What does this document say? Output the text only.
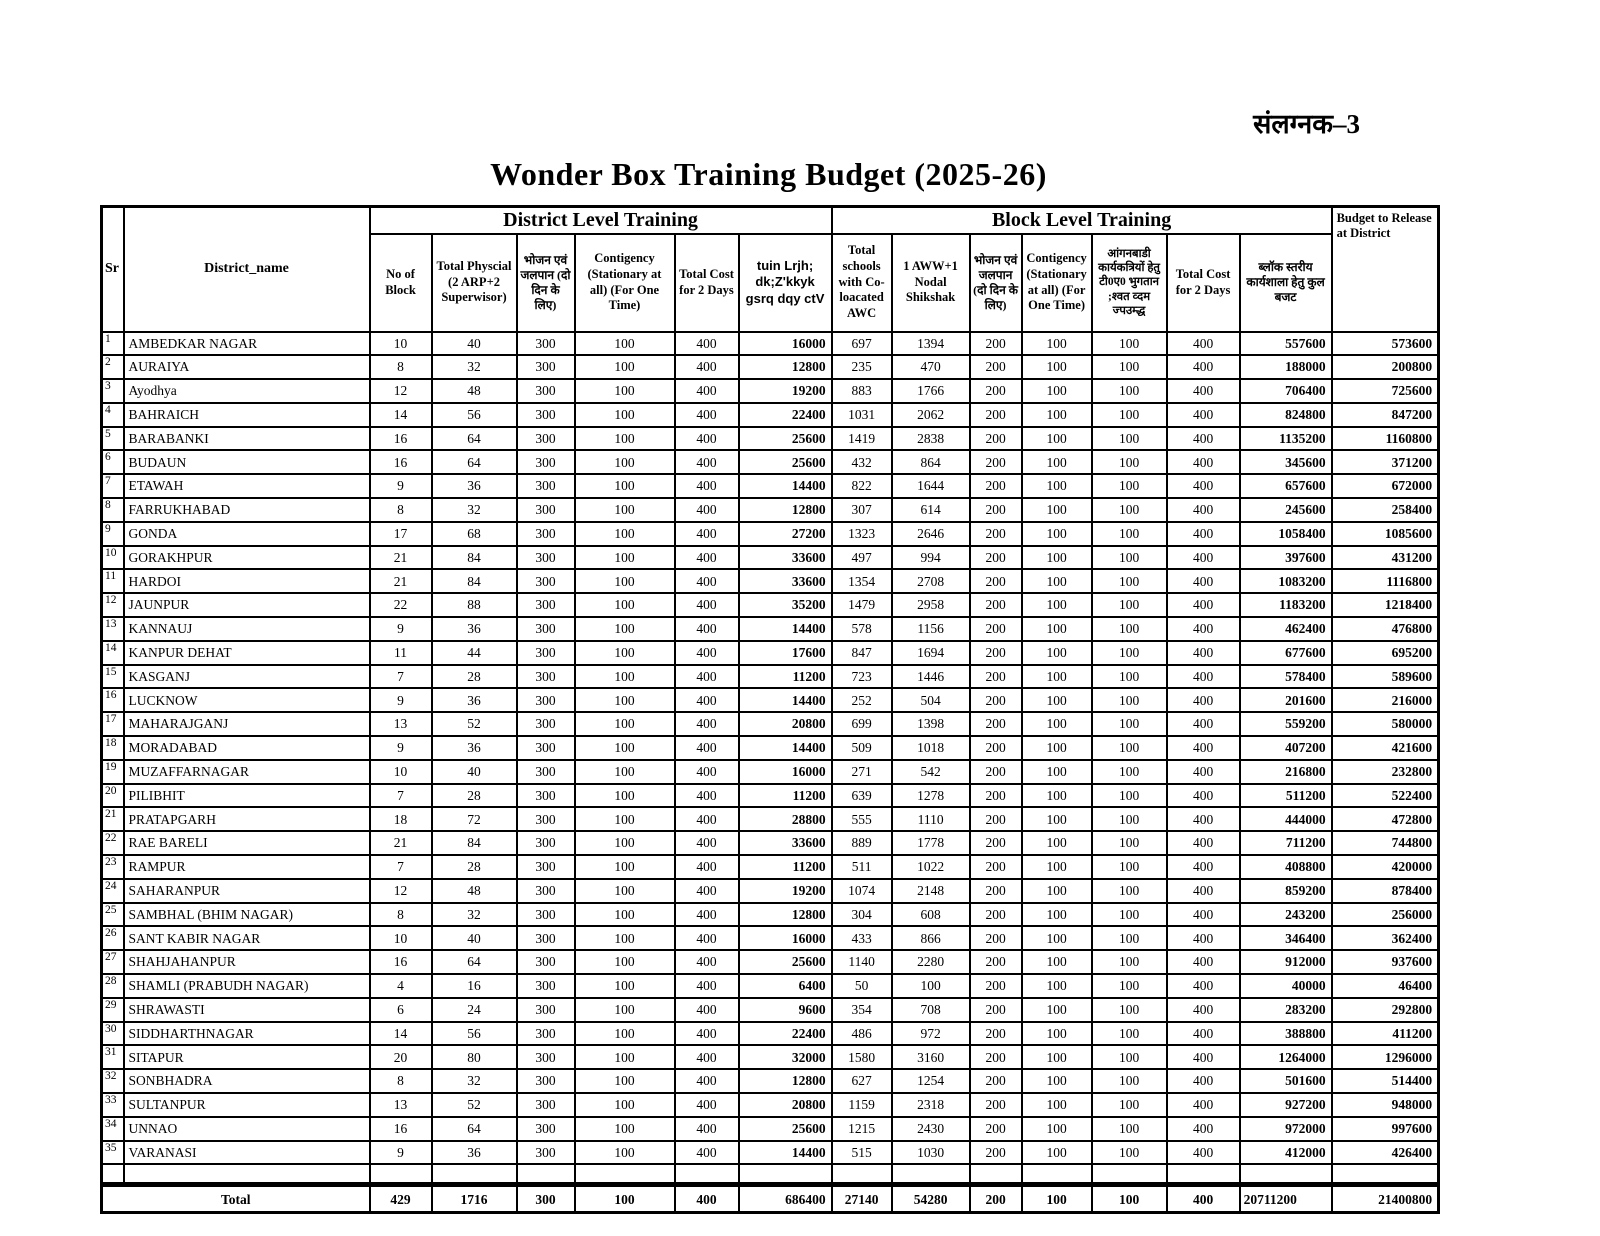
संलग्नक–3
Wonder Box Training Budget (2025-26)
Sr	District_name	District Level Training						Block Level Training							Budget to Release at District
		No of Block	Total Physcial (2 ARP+2 Superwisor)	भोजन एवं जलपान (दो दिन के लिए)	Contigency (Stationary at all) (For One Time)	Total Cost for 2 Days	tuin Lrjh; dk;Z'kkyk gsrq dqy ctV	Total schools with Co-loacated AWC	1 AWW+1 Nodal Shikshak	भोजन एवं जलपान (दो दिन के लिए)	Contigency (Stationary at all) (For One Time)	आंगनबाडी कार्यकत्रियों हेतु टी0ए0 भुगतान ;श्वत व्दम ज्पउम्द्ध	Total Cost for 2 Days	ब्लॉक स्तरीय कार्यशाला हेतु कुल बजट	
1	AMBEDKAR NAGAR	10	40	300	100	400	16000	697	1394	200	100	100	400	557600	573600
2	AURAIYA	8	32	300	100	400	12800	235	470	200	100	100	400	188000	200800
3	Ayodhya	12	48	300	100	400	19200	883	1766	200	100	100	400	706400	725600
4	BAHRAICH	14	56	300	100	400	22400	1031	2062	200	100	100	400	824800	847200
5	BARABANKI	16	64	300	100	400	25600	1419	2838	200	100	100	400	1135200	1160800
6	BUDAUN	16	64	300	100	400	25600	432	864	200	100	100	400	345600	371200
7	ETAWAH	9	36	300	100	400	14400	822	1644	200	100	100	400	657600	672000
8	FARRUKHABAD	8	32	300	100	400	12800	307	614	200	100	100	400	245600	258400
9	GONDA	17	68	300	100	400	27200	1323	2646	200	100	100	400	1058400	1085600
10	GORAKHPUR	21	84	300	100	400	33600	497	994	200	100	100	400	397600	431200
11	HARDOI	21	84	300	100	400	33600	1354	2708	200	100	100	400	1083200	1116800
12	JAUNPUR	22	88	300	100	400	35200	1479	2958	200	100	100	400	1183200	1218400
13	KANNAUJ	9	36	300	100	400	14400	578	1156	200	100	100	400	462400	476800
14	KANPUR DEHAT	11	44	300	100	400	17600	847	1694	200	100	100	400	677600	695200
15	KASGANJ	7	28	300	100	400	11200	723	1446	200	100	100	400	578400	589600
16	LUCKNOW	9	36	300	100	400	14400	252	504	200	100	100	400	201600	216000
17	MAHARAJGANJ	13	52	300	100	400	20800	699	1398	200	100	100	400	559200	580000
18	MORADABAD	9	36	300	100	400	14400	509	1018	200	100	100	400	407200	421600
19	MUZAFFARNAGAR	10	40	300	100	400	16000	271	542	200	100	100	400	216800	232800
20	PILIBHIT	7	28	300	100	400	11200	639	1278	200	100	100	400	511200	522400
21	PRATAPGARH	18	72	300	100	400	28800	555	1110	200	100	100	400	444000	472800
22	RAE BARELI	21	84	300	100	400	33600	889	1778	200	100	100	400	711200	744800
23	RAMPUR	7	28	300	100	400	11200	511	1022	200	100	100	400	408800	420000
24	SAHARANPUR	12	48	300	100	400	19200	1074	2148	200	100	100	400	859200	878400
25	SAMBHAL (BHIM NAGAR)	8	32	300	100	400	12800	304	608	200	100	100	400	243200	256000
26	SANT KABIR NAGAR	10	40	300	100	400	16000	433	866	200	100	100	400	346400	362400
27	SHAHJAHANPUR	16	64	300	100	400	25600	1140	2280	200	100	100	400	912000	937600
28	SHAMLI (PRABUDH NAGAR)	4	16	300	100	400	6400	50	100	200	100	100	400	40000	46400
29	SHRAWASTI	6	24	300	100	400	9600	354	708	200	100	100	400	283200	292800
30	SIDDHARTHNAGAR	14	56	300	100	400	22400	486	972	200	100	100	400	388800	411200
31	SITAPUR	20	80	300	100	400	32000	1580	3160	200	100	100	400	1264000	1296000
32	SONBHADRA	8	32	300	100	400	12800	627	1254	200	100	100	400	501600	514400
33	SULTANPUR	13	52	300	100	400	20800	1159	2318	200	100	100	400	927200	948000
34	UNNAO	16	64	300	100	400	25600	1215	2430	200	100	100	400	972000	997600
35	VARANASI	9	36	300	100	400	14400	515	1030	200	100	100	400	412000	426400

Total		429	1716	300	100	400	686400	27140	54280	200	100	100	400	20711200	21400800
